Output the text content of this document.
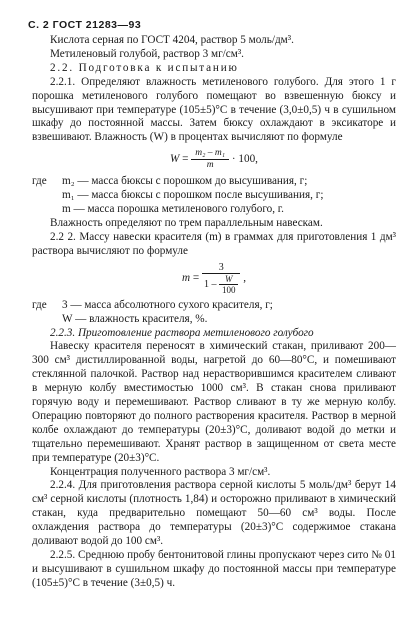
С. 2 ГОСТ 21283—93

Кислота серная по ГОСТ 4204, раствор 5 моль/дм³.

Метиленовый голубой, раствор 3 мг/см³.

2.2. Подготовка к испытанию

2.2.1. Определяют влажность метиленового голубого. Для этого 1 г порошка метиленового голубого помещают во взвешенную бюксу и высушивают при температуре (105±5)°С в течение (3,0±0,5) ч в сушильном шкафу до постоянной массы. Затем бюксу охлаждают в эксикаторе и взвешивают. Влажность (W) в процентах вычисляют по формуле

$W = \frac{\text{m₂ – m₁}}{m} \cdot 100$,
где	m₂ — масса бюксы с порошком до высушивания, г;
m₁ — масса бюксы с порошком после высушивания, г;
m — масса порошка метиленового голубого, г.

Влажность определяют по трем параллельным навескам.

2.2 2. Массу навески красителя (m) в граммах для приготовления 1 дм³ раствора вычисляют по формуле

$m = \frac{3}{1 - \frac{W}{100}}$ ,
где	3 — масса абсолютного сухого красителя, г;
W — влажность красителя, %.

2.2.3. Приготовление раствора метиленового голубого

Навеску красителя переносят в химический стакан, приливают 200—300 см³ дистиллированной воды, нагретой до 60—80°С, и помешивают стеклянной палочкой. Раствор над нерастворившимся красителем сливают в мерную колбу вместимостью 1000 см³. В стакан снова приливают горячую воду и перемешивают. Раствор сливают в ту же мерную колбу. Операцию повторяют до полного растворения красителя. Раствор в мерной колбе охлаждают до температуры (20±3)°С, доливают водой до метки и тщательно перемешивают. Хранят раствор в защищенном от света месте при температуре (20±3)°С.

Концентрация полученного раствора 3 мг/см³.

2.2.4. Для приготовления раствора серной кислоты 5 моль/дм³ берут 14 см³ серной кислоты (плотность 1,84) и осторожно приливают в химический стакан, куда предварительно помещают 50—60 см³ воды. После охлаждения раствора до температуры (20±3)°С содержимое стакана доливают водой до 100 см³.

2.2.5. Среднюю пробу бентонитовой глины пропускают через сито № 01 и высушивают в сушильном шкафу до постоянной массы при температуре (105±5)°С в течение (3±0,5) ч.
